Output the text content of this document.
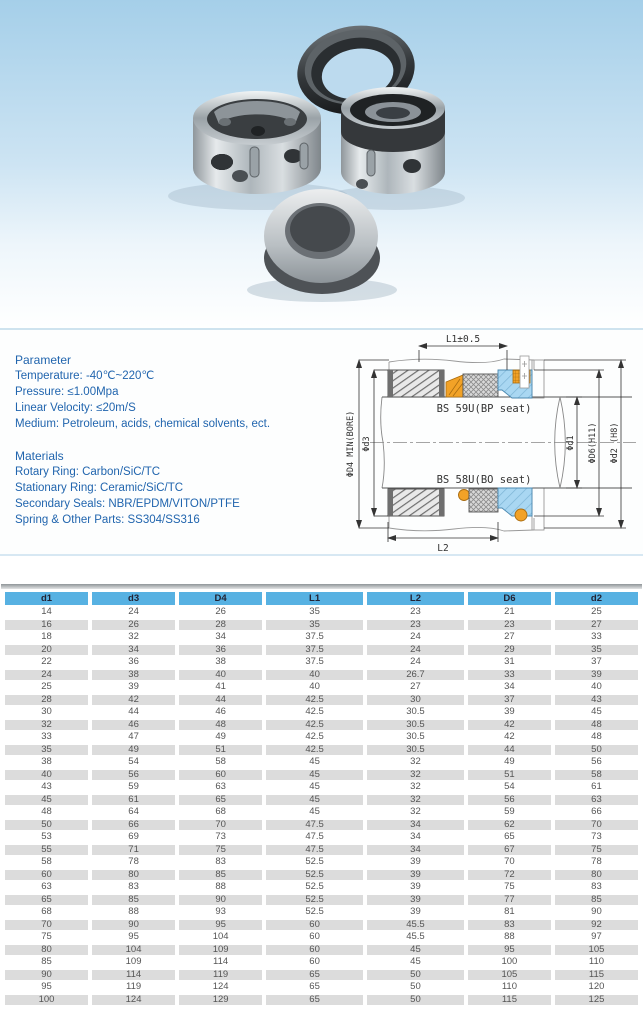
Parameter
Temperature: -40℃~220℃
Pressure: ≤1.00Mpa
Linear Velocity: ≤20m/S
Medium: Petroleum, acids, chemical solvents, ect.
Materials
Rotary Ring: Carbon/SiC/TC
Stationary Ring: Ceramic/SiC/TC
Secondary Seals: NBR/EPDM/VITON/PTFE
Spring & Other Parts: SS304/SS316
L1±0.5
L2
BS 59U(BP seat)
BS 58U(BO seat)
ΦD4 MIN(BORE) Φd3	Φd1 ΦD6(H11) Φd2 (H8)
d1	d3	D4	L1	L2	D6	d2
14	24	26	35	23	21	25
16	26	28	35	23	23	27
18	32	34	37.5	24	27	33
20	34	36	37.5	24	29	35
22	36	38	37.5	24	31	37
24	38	40	40	26.7	33	39
25	39	41	40	27	34	40
28	42	44	42.5	30	37	43
30	44	46	42.5	30.5	39	45
32	46	48	42.5	30.5	42	48
33	47	49	42.5	30.5	42	48
35	49	51	42.5	30.5	44	50
38	54	58	45	32	49	56
40	56	60	45	32	51	58
43	59	63	45	32	54	61
45	61	65	45	32	56	63
48	64	68	45	32	59	66
50	66	70	47.5	34	62	70
53	69	73	47.5	34	65	73
55	71	75	47.5	34	67	75
58	78	83	52.5	39	70	78
60	80	85	52.5	39	72	80
63	83	88	52.5	39	75	83
65	85	90	52.5	39	77	85
68	88	93	52.5	39	81	90
70	90	95	60	45.5	83	92
75	95	104	60	45.5	88	97
80	104	109	60	45	95	105
85	109	114	60	45	100	110
90	114	119	65	50	105	115
95	119	124	65	50	110	120
100	124	129	65	50	115	125
